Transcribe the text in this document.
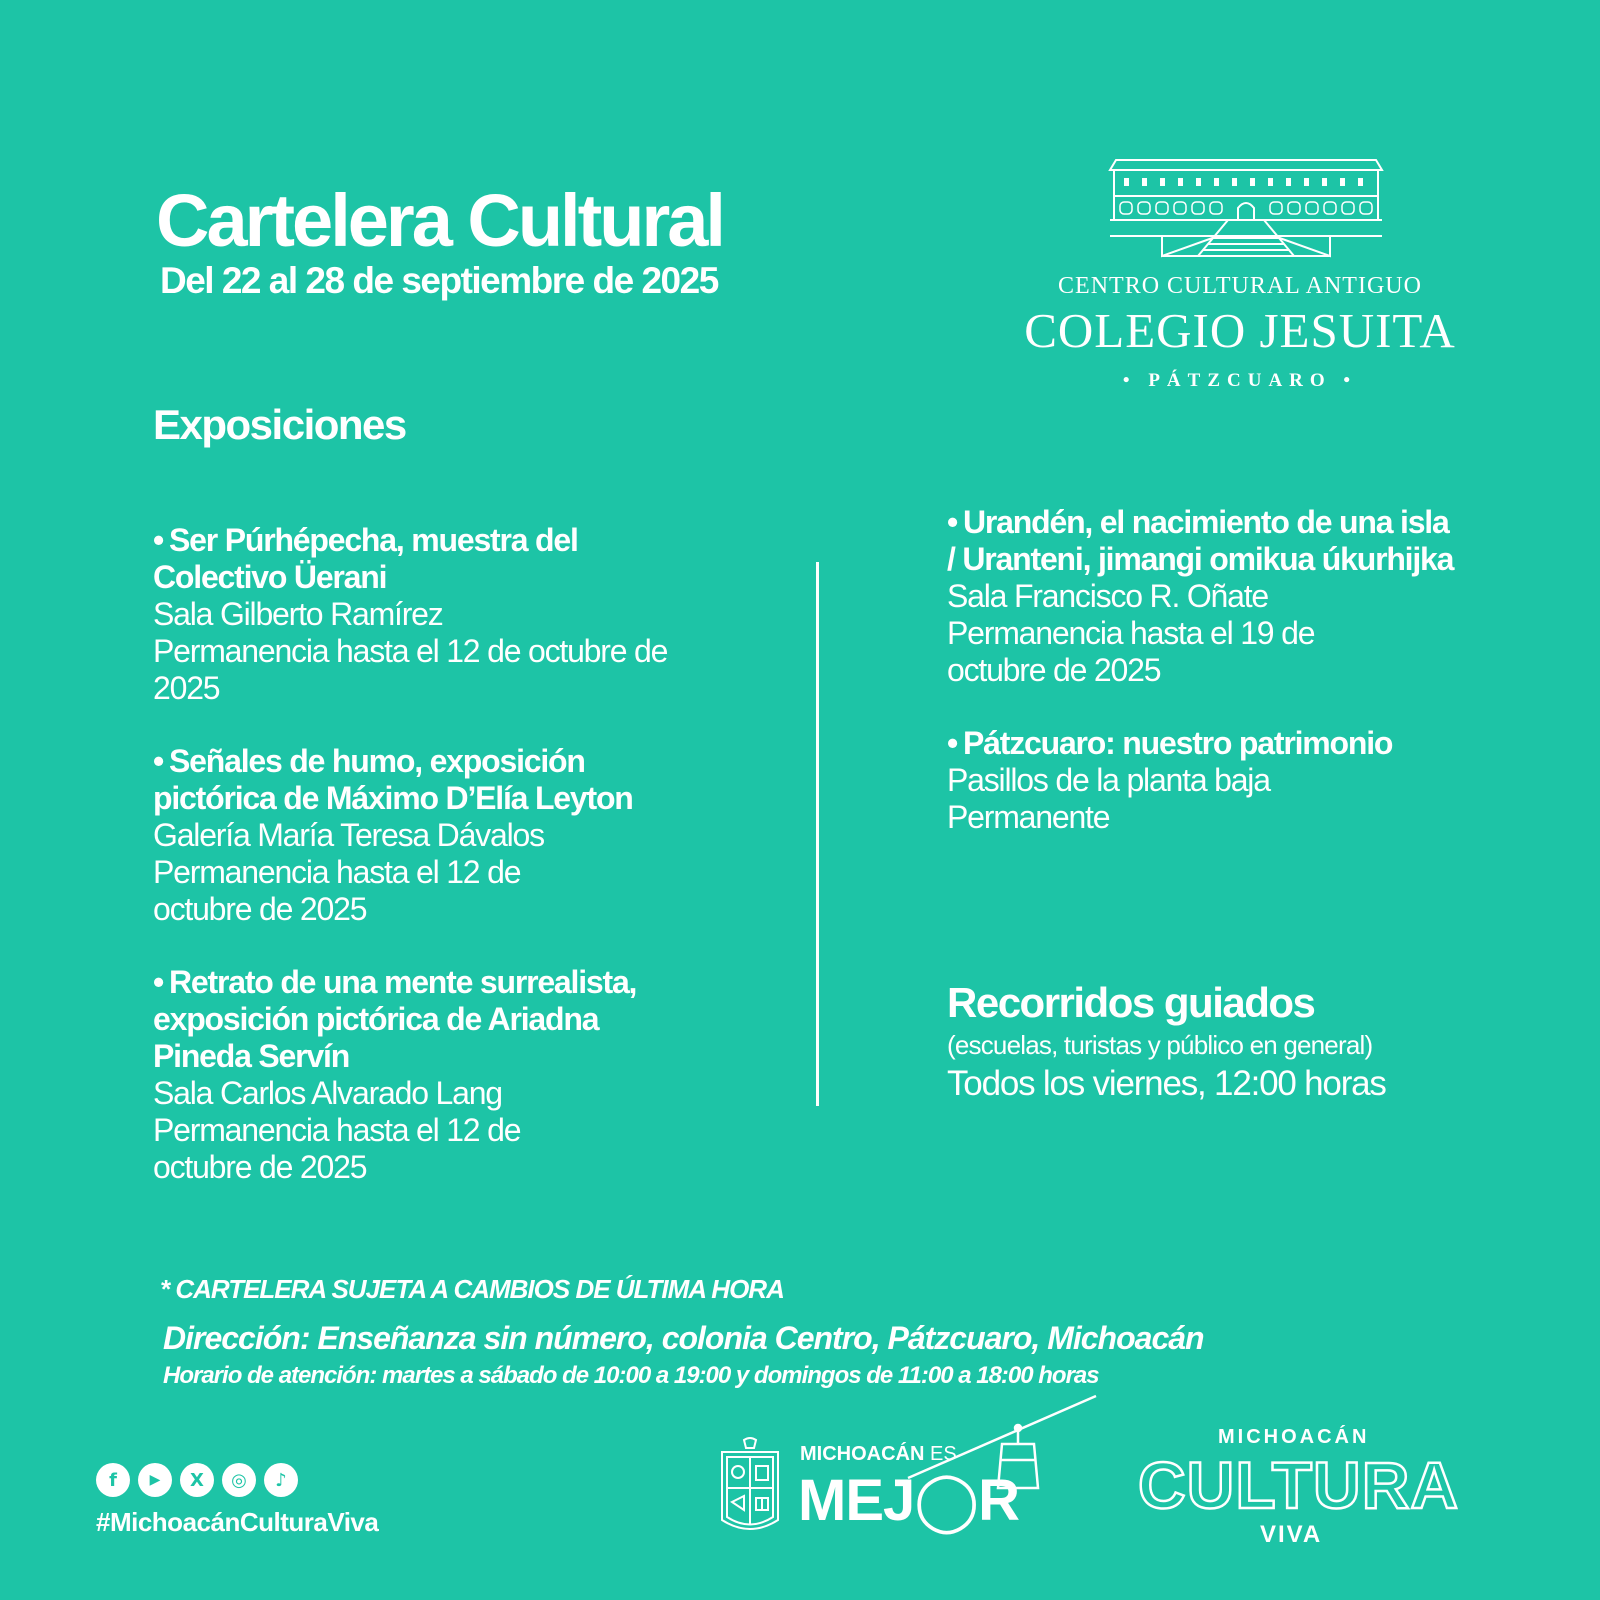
Cartelera Cultural
Del 22 al 28 de septiembre de 2025	CENTRO CULTURAL ANTIGUO
COLEGIO JESUITA
• PÁTZCUARO •
Exposiciones
• Ser Púrhépecha, muestra del Colectivo Üerani
Sala Gilberto Ramírez
Permanencia hasta el 12 de octubre de 2025
• Señales de humo, exposición pictórica de Máximo D’Elía Leyton
Galería María Teresa Dávalos
Permanencia hasta el 12 de octubre de 2025
• Retrato de una mente surrealista, exposición pictórica de Ariadna Pineda Servín
Sala Carlos Alvarado Lang
Permanencia hasta el 12 de octubre de 2025
• Urandén, el nacimiento de una isla / Uranteni, jimangi omikua úkurhijka
Sala Francisco R. Oñate
Permanencia hasta el 19 de octubre de 2025
• Pátzcuaro: nuestro patrimonio
Pasillos de la planta baja
Permanente
Recorridos guiados
(escuelas, turistas y público en general)
Todos los viernes, 12:00 horas
* CARTELERA SUJETA A CAMBIOS DE ÚLTIMA HORA
Dirección: Enseñanza sin número, colonia Centro, Pátzcuaro, Michoacán
Horario de atención: martes a sábado de 10:00 a 19:00 y domingos de 11:00 a 18:00 horas
f	▶	X	◎	♪
#MichoacánCulturaViva
MICHOACÁN ES
MEJ◯R
MICHOACÁN
CULTURA
VIVA
